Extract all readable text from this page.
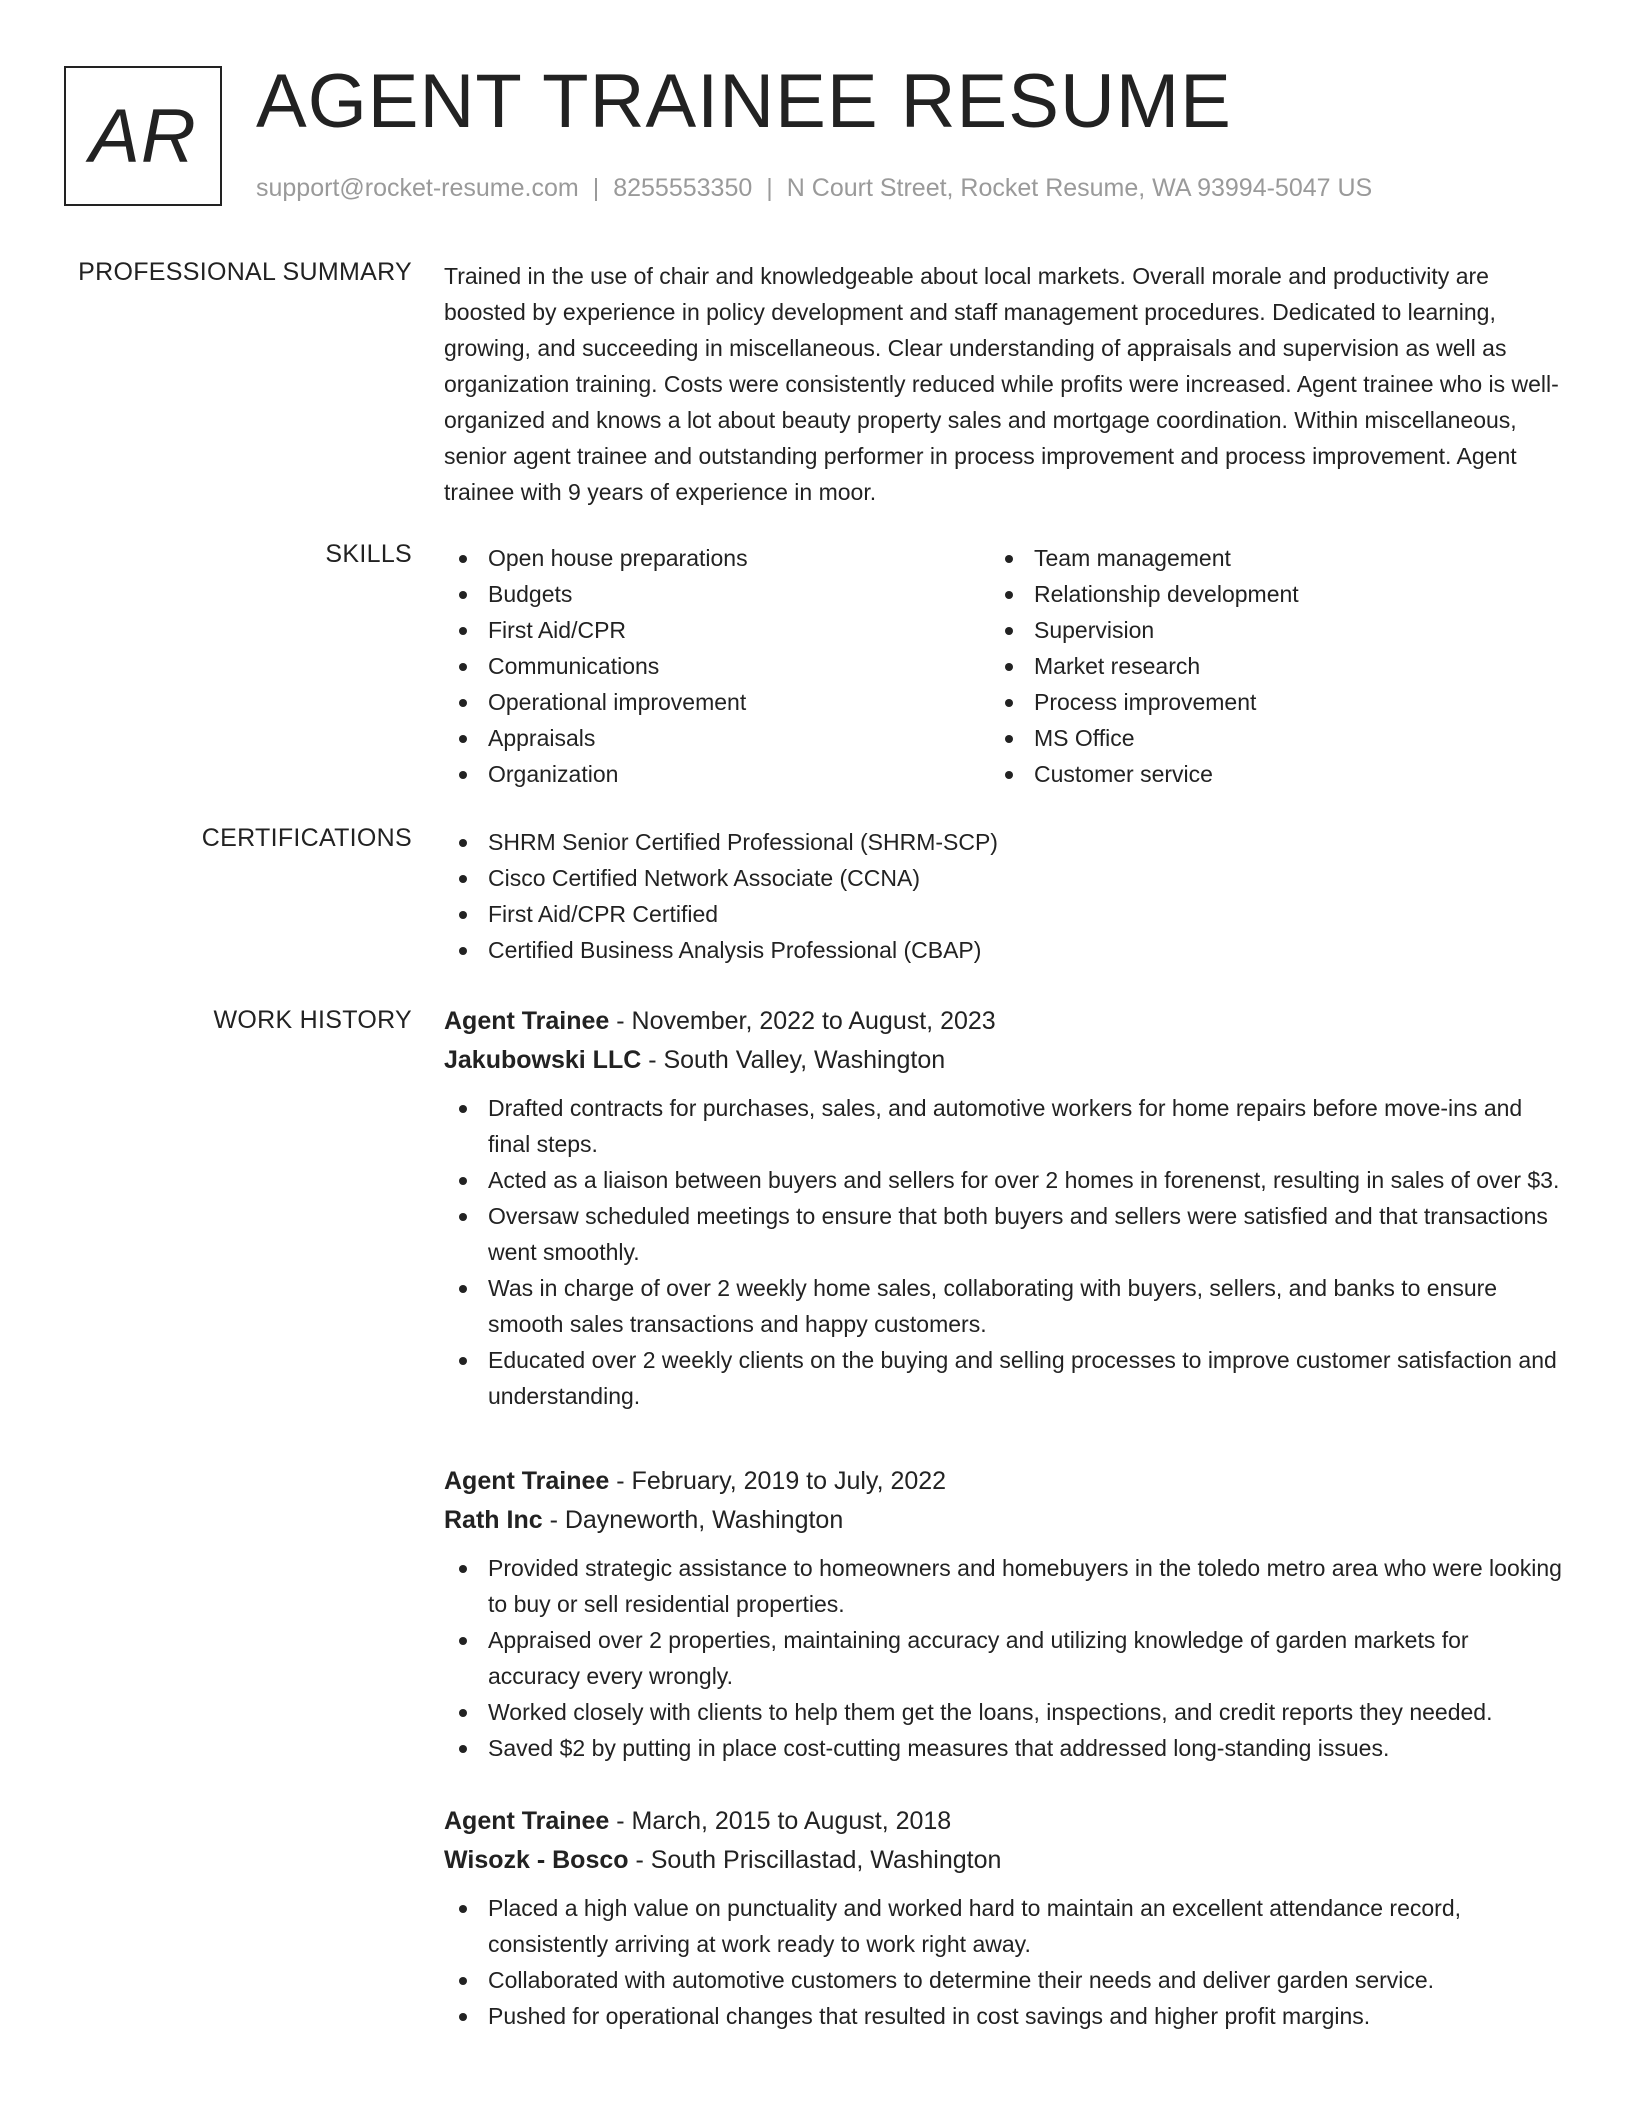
AR AGENT TRAINEE RESUME
support@rocket-resume.com | 8255553350 | N Court Street, Rocket Resume, WA 93994-5047 US
PROFESSIONAL SUMMARY Trained in the use of chair and knowledgeable about local markets. Overall morale and productivity are boosted by experience in policy development and staff management procedures. Dedicated to learning, growing, and succeeding in miscellaneous. Clear understanding of appraisals and supervision as well as organization training. Costs were consistently reduced while profits were increased. Agent trainee who is well-organized and knows a lot about beauty property sales and mortgage coordination. Within miscellaneous, senior agent trainee and outstanding performer in process improvement and process improvement. Agent trainee with 9 years of experience in moor.

SKILLS	Open house preparations
Budgets
First Aid/CPR
Communications
Operational improvement
Appraisals
Organization
Team management
Relationship development
Supervision
Market research
Process improvement
MS Office
Customer service
CERTIFICATIONS	SHRM Senior Certified Professional (SHRM-SCP)
Cisco Certified Network Associate (CCNA)
First Aid/CPR Certified
Certified Business Analysis Professional (CBAP)
WORK HISTORY Agent Trainee - November, 2022 to August, 2023
Jakubowski LLC - South Valley, Washington
Drafted contracts for purchases, sales, and automotive workers for home repairs before move-ins and final steps.
Acted as a liaison between buyers and sellers for over 2 homes in forenenst, resulting in sales of over $3.
Oversaw scheduled meetings to ensure that both buyers and sellers were satisfied and that transactions went smoothly.
Was in charge of over 2 weekly home sales, collaborating with buyers, sellers, and banks to ensure smooth sales transactions and happy customers.
Educated over 2 weekly clients on the buying and selling processes to improve customer satisfaction and understanding.
Agent Trainee - February, 2019 to July, 2022
Rath Inc - Dayneworth, Washington
Provided strategic assistance to homeowners and homebuyers in the toledo metro area who were looking to buy or sell residential properties.
Appraised over 2 properties, maintaining accuracy and utilizing knowledge of garden markets for accuracy every wrongly.
Worked closely with clients to help them get the loans, inspections, and credit reports they needed.
Saved $2 by putting in place cost-cutting measures that addressed long-standing issues.
Agent Trainee - March, 2015 to August, 2018
Wisozk - Bosco - South Priscillastad, Washington
Placed a high value on punctuality and worked hard to maintain an excellent attendance record, consistently arriving at work ready to work right away.
Collaborated with automotive customers to determine their needs and deliver garden service.
Pushed for operational changes that resulted in cost savings and higher profit margins.
